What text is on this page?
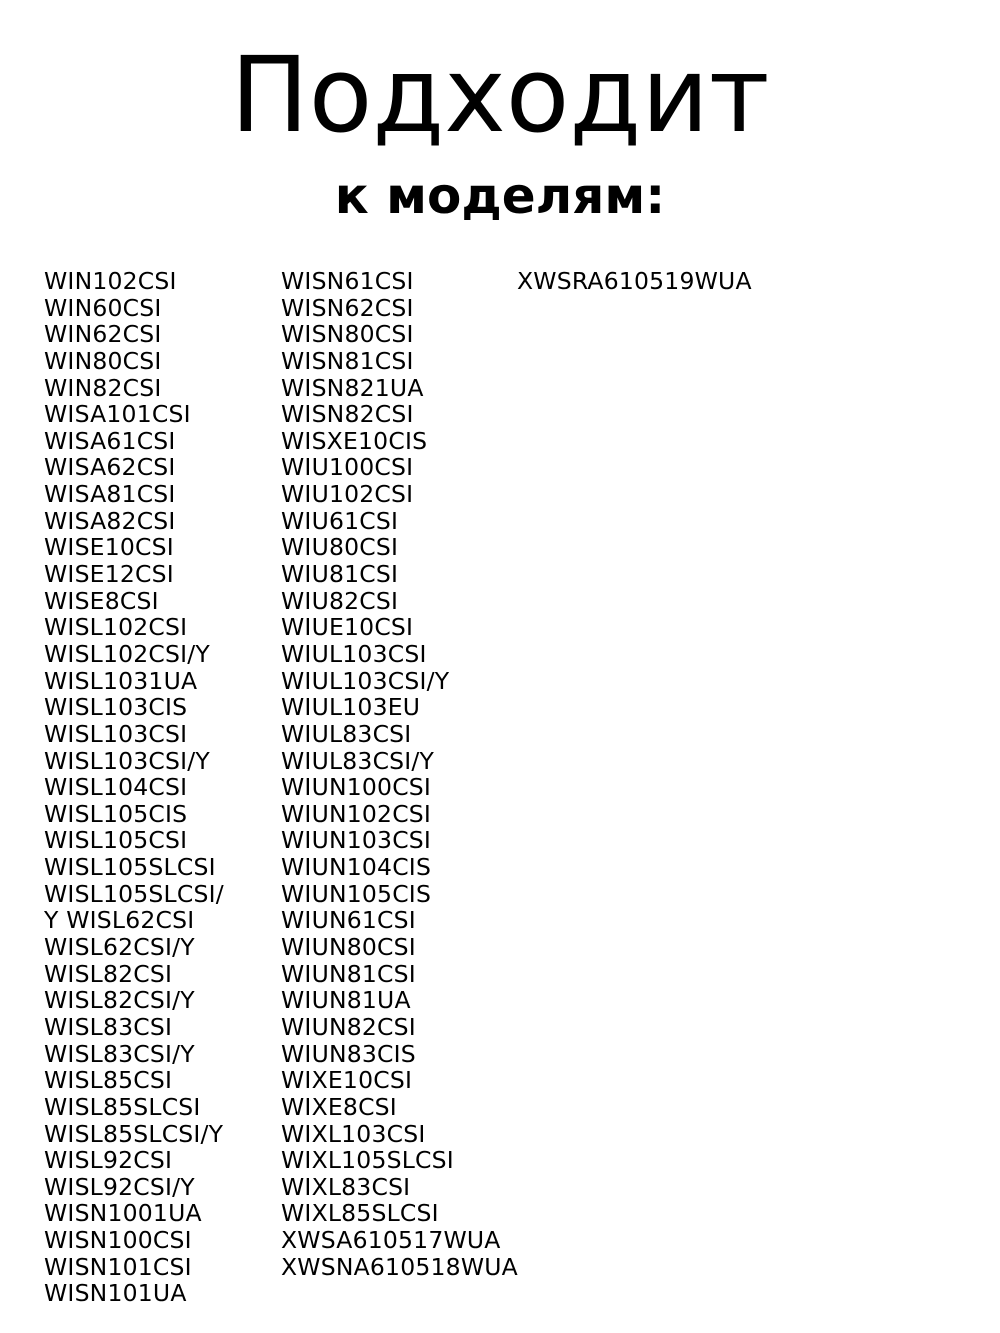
Подходит
к моделям:
WIN102CSI
WIN60CSI
WIN62CSI
WIN80CSI
WIN82CSI
WISA101CSI
WISA61CSI
WISA62CSI
WISA81CSI
WISA82CSI
WISE10CSI
WISE12CSI
WISE8CSI
WISL102CSI
WISL102CSI/Y
WISL1031UA
WISL103CIS
WISL103CSI
WISL103CSI/Y
WISL104CSI
WISL105CIS
WISL105CSI
WISL105SLCSI
WISL105SLCSI/
Y WISL62CSI
WISL62CSI/Y
WISL82CSI
WISL82CSI/Y
WISL83CSI
WISL83CSI/Y
WISL85CSI
WISL85SLCSI
WISL85SLCSI/Y
WISL92CSI
WISL92CSI/Y
WISN1001UA
WISN100CSI
WISN101CSI
WISN101UA
WISN61CSI
WISN62CSI
WISN80CSI
WISN81CSI
WISN821UA
WISN82CSI
WISXE10CIS
WIU100CSI
WIU102CSI
WIU61CSI
WIU80CSI
WIU81CSI
WIU82CSI
WIUE10CSI
WIUL103CSI
WIUL103CSI/Y
WIUL103EU
WIUL83CSI
WIUL83CSI/Y
WIUN100CSI
WIUN102CSI
WIUN103CSI
WIUN104CIS
WIUN105CIS
WIUN61CSI
WIUN80CSI
WIUN81CSI
WIUN81UA
WIUN82CSI
WIUN83CIS
WIXE10CSI
WIXE8CSI
WIXL103CSI
WIXL105SLCSI
WIXL83CSI
WIXL85SLCSI
XWSA610517WUA
XWSNA610518WUA
XWSRA610519WUA
